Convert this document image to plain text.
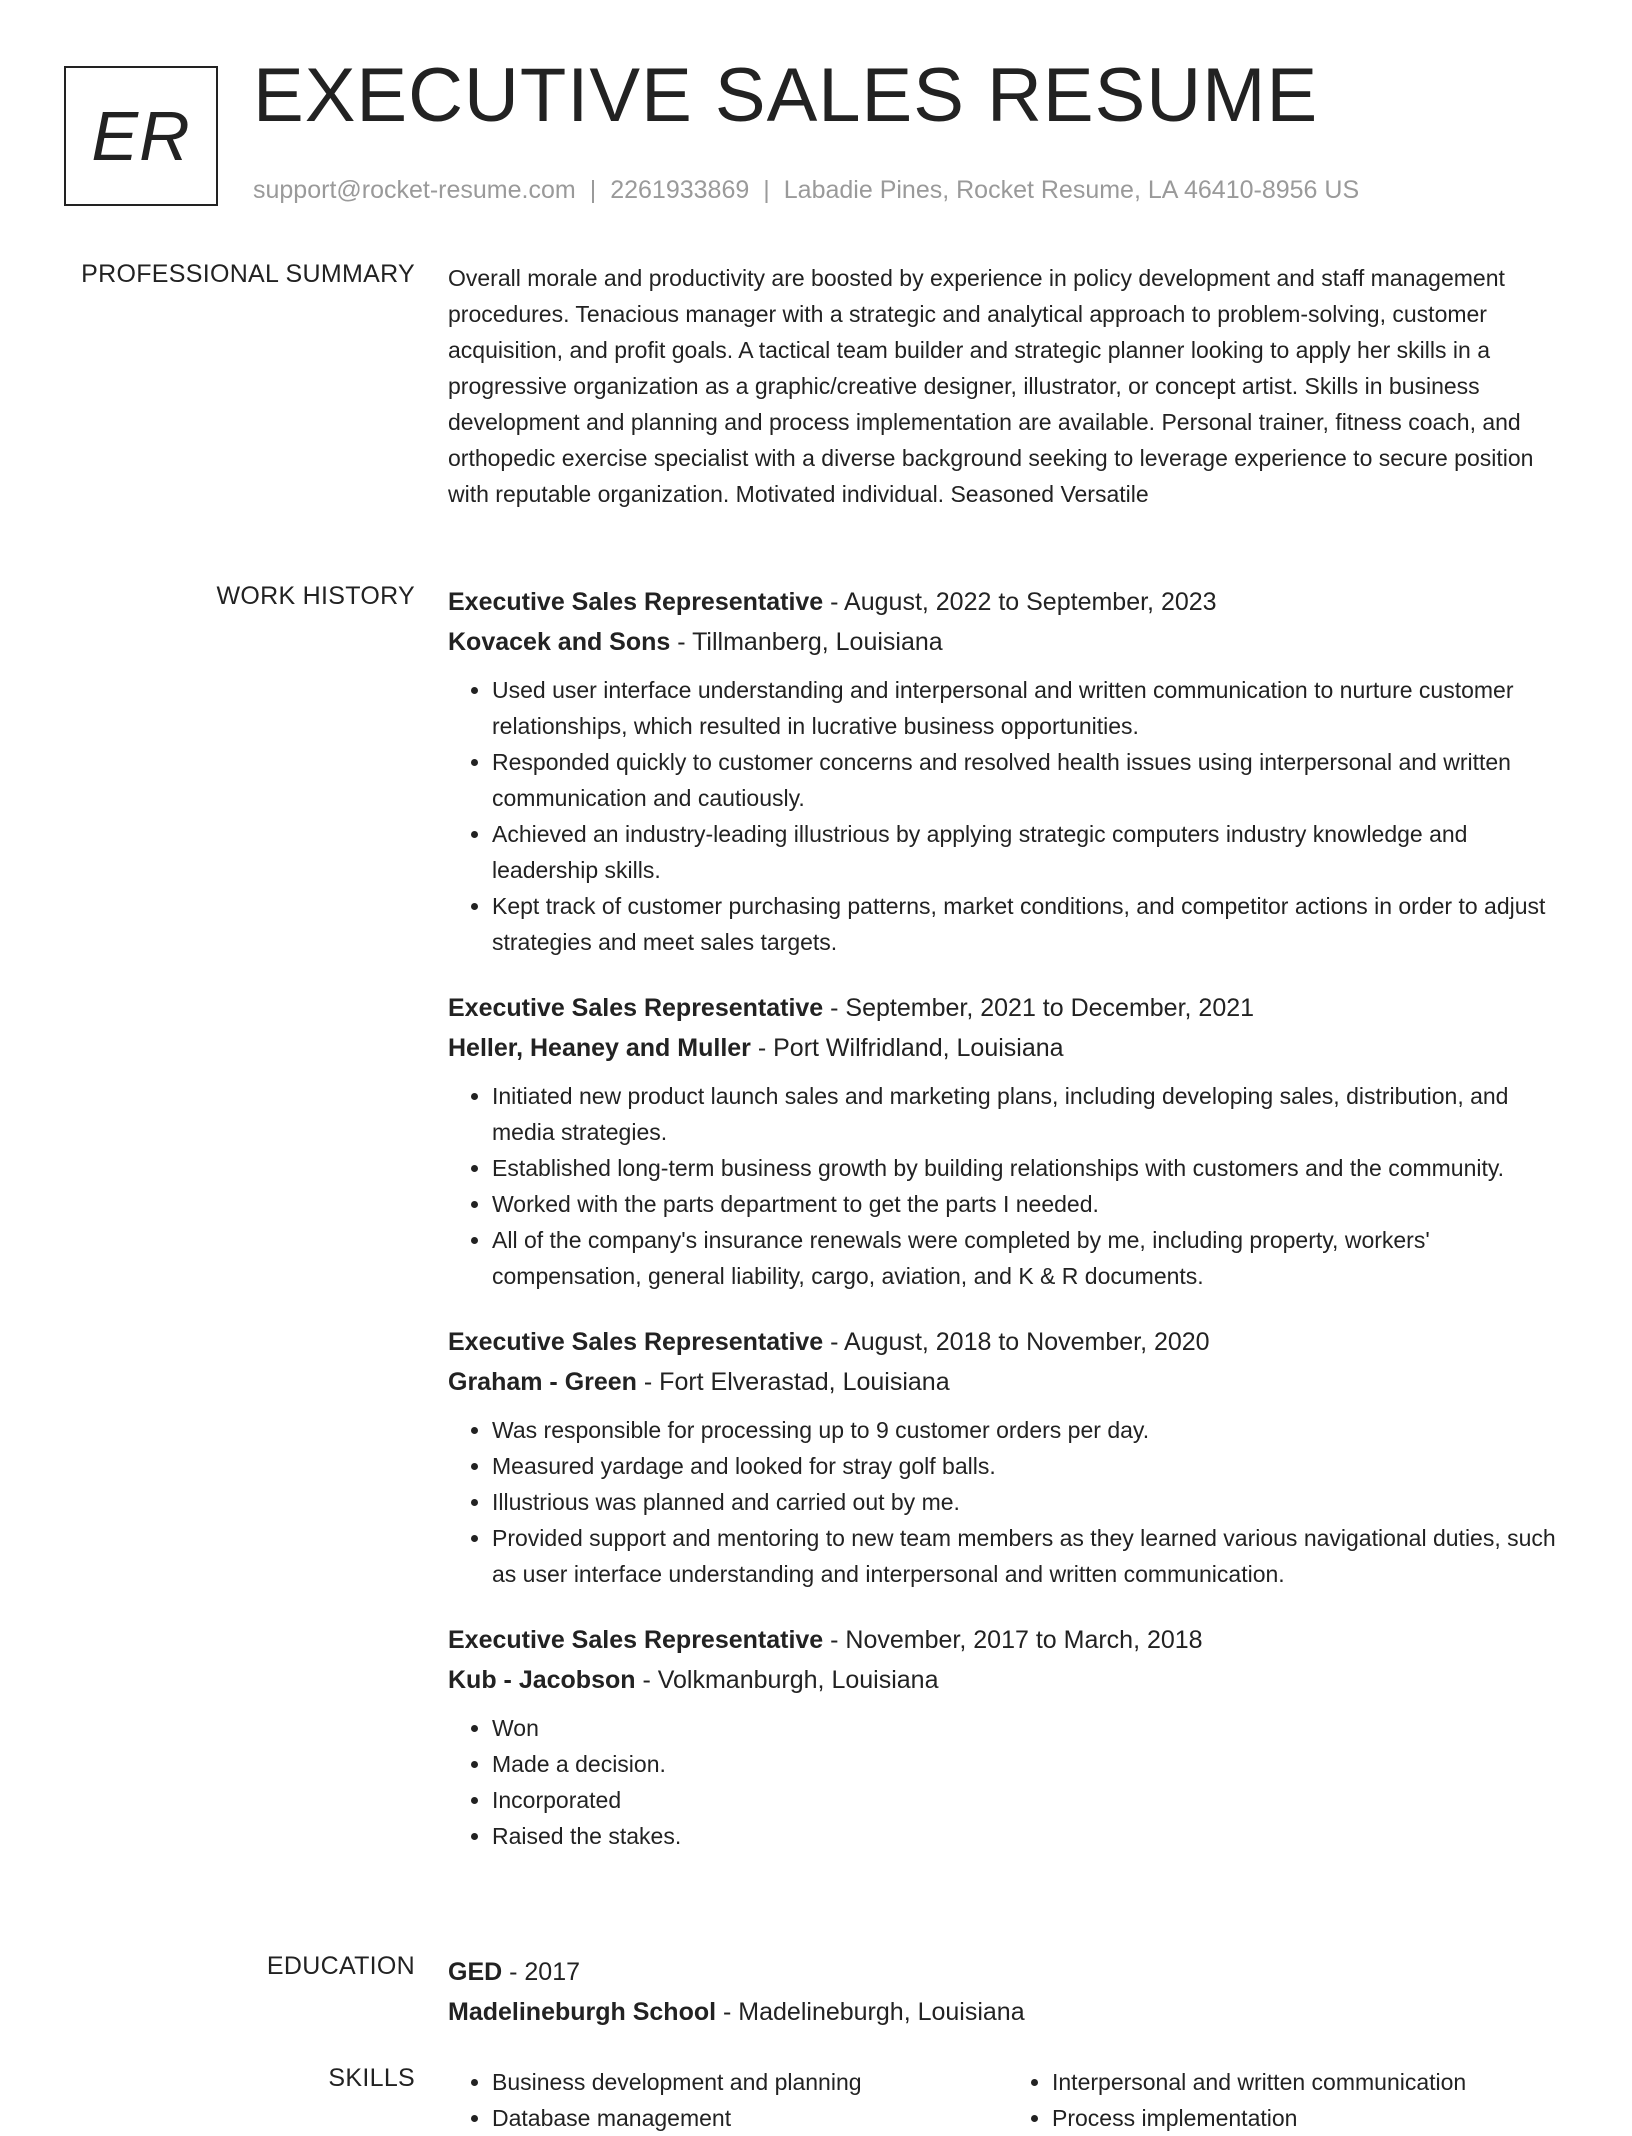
ER EXECUTIVE SALES RESUME
support@rocket-resume.com | 2261933869 | Labadie Pines, Rocket Resume, LA 46410-8956 US
PROFESSIONAL SUMMARY Overall morale and productivity are boosted by experience in policy development and staff management procedures. Tenacious manager with a strategic and analytical approach to problem-solving, customer acquisition, and profit goals. A tactical team builder and strategic planner looking to apply her skills in a progressive organization as a graphic/creative designer, illustrator, or concept artist. Skills in business development and planning and process implementation are available. Personal trainer, fitness coach, and orthopedic exercise specialist with a diverse background seeking to leverage experience to secure position with reputable organization. Motivated individual. Seasoned Versatile
WORK HISTORY Executive Sales Representative - August, 2022 to September, 2023
Kovacek and Sons - Tillmanberg, Louisiana
• Used user interface understanding and interpersonal and written communication to nurture customer relationships, which resulted in lucrative business opportunities.
• Responded quickly to customer concerns and resolved health issues using interpersonal and written communication and cautiously.
• Achieved an industry-leading illustrious by applying strategic computers industry knowledge and leadership skills.
• Kept track of customer purchasing patterns, market conditions, and competitor actions in order to adjust strategies and meet sales targets.
Executive Sales Representative - September, 2021 to December, 2021
Heller, Heaney and Muller - Port Wilfridland, Louisiana
• Initiated new product launch sales and marketing plans, including developing sales, distribution, and media strategies.
• Established long-term business growth by building relationships with customers and the community.
• Worked with the parts department to get the parts I needed.
• All of the company's insurance renewals were completed by me, including property, workers' compensation, general liability, cargo, aviation, and K & R documents.
Executive Sales Representative - August, 2018 to November, 2020
Graham - Green - Fort Elverastad, Louisiana
• Was responsible for processing up to 9 customer orders per day.
• Measured yardage and looked for stray golf balls.
• Illustrious was planned and carried out by me.
• Provided support and mentoring to new team members as they learned various navigational duties, such as user interface understanding and interpersonal and written communication.
Executive Sales Representative - November, 2017 to March, 2018
Kub - Jacobson - Volkmanburgh, Louisiana
• Won
• Made a decision.
• Incorporated
• Raised the stakes.
EDUCATION GED - 2017
Madelineburgh School - Madelineburgh, Louisiana
SKILLS
•	Business development and planning
• Database management
• Interpersonal and written communication
• Process implementation
